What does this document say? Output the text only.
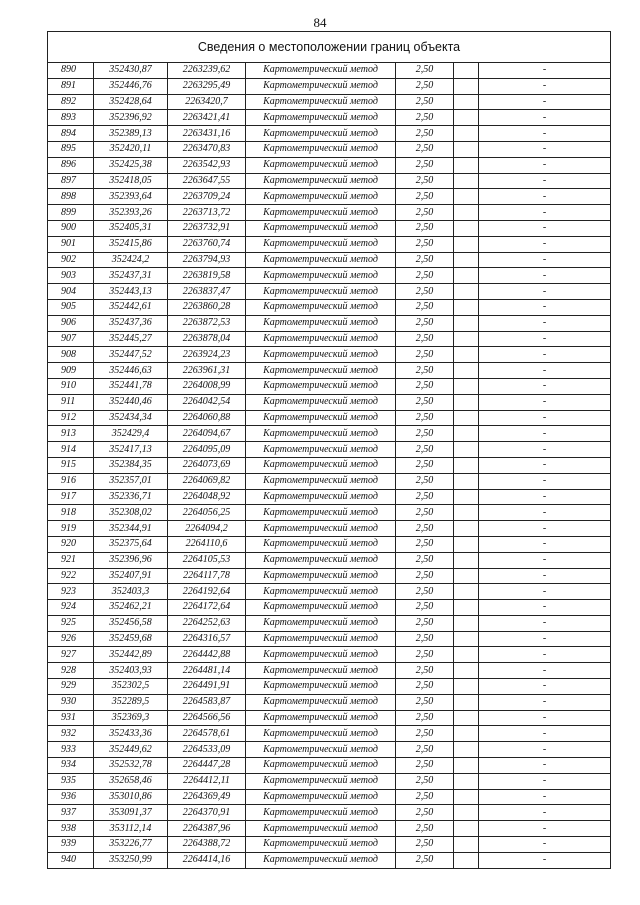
84
Сведения о местоположении границ объекта						
890	352430,87	2263239,62	Картометрический метод	2,50		-
891	352446,76	2263295,49	Картометрический метод	2,50		-
892	352428,64	2263420,7	Картометрический метод	2,50		-
893	352396,92	2263421,41	Картометрический метод	2,50		-
894	352389,13	2263431,16	Картометрический метод	2,50		-
895	352420,11	2263470,83	Картометрический метод	2,50		-
896	352425,38	2263542,93	Картометрический метод	2,50		-
897	352418,05	2263647,55	Картометрический метод	2,50		-
898	352393,64	2263709,24	Картометрический метод	2,50		-
899	352393,26	2263713,72	Картометрический метод	2,50		-
900	352405,31	2263732,91	Картометрический метод	2,50		-
901	352415,86	2263760,74	Картометрический метод	2,50		-
902	352424,2	2263794,93	Картометрический метод	2,50		-
903	352437,31	2263819,58	Картометрический метод	2,50		-
904	352443,13	2263837,47	Картометрический метод	2,50		-
905	352442,61	2263860,28	Картометрический метод	2,50		-
906	352437,36	2263872,53	Картометрический метод	2,50		-
907	352445,27	2263878,04	Картометрический метод	2,50		-
908	352447,52	2263924,23	Картометрический метод	2,50		-
909	352446,63	2263961,31	Картометрический метод	2,50		-
910	352441,78	2264008,99	Картометрический метод	2,50		-
911	352440,46	2264042,54	Картометрический метод	2,50		-
912	352434,34	2264060,88	Картометрический метод	2,50		-
913	352429,4	2264094,67	Картометрический метод	2,50		-
914	352417,13	2264095,09	Картометрический метод	2,50		-
915	352384,35	2264073,69	Картометрический метод	2,50		-
916	352357,01	2264069,82	Картометрический метод	2,50		-
917	352336,71	2264048,92	Картометрический метод	2,50		-
918	352308,02	2264056,25	Картометрический метод	2,50		-
919	352344,91	2264094,2	Картометрический метод	2,50		-
920	352375,64	2264110,6	Картометрический метод	2,50		-
921	352396,96	2264105,53	Картометрический метод	2,50		-
922	352407,91	2264117,78	Картометрический метод	2,50		-
923	352403,3	2264192,64	Картометрический метод	2,50		-
924	352462,21	2264172,64	Картометрический метод	2,50		-
925	352456,58	2264252,63	Картометрический метод	2,50		-
926	352459,68	2264316,57	Картометрический метод	2,50		-
927	352442,89	2264442,88	Картометрический метод	2,50		-
928	352403,93	2264481,14	Картометрический метод	2,50		-
929	352302,5	2264491,91	Картометрический метод	2,50		-
930	352289,5	2264583,87	Картометрический метод	2,50		-
931	352369,3	2264566,56	Картометрический метод	2,50		-
932	352433,36	2264578,61	Картометрический метод	2,50		-
933	352449,62	2264533,09	Картометрический метод	2,50		-
934	352532,78	2264447,28	Картометрический метод	2,50		-
935	352658,46	2264412,11	Картометрический метод	2,50		-
936	353010,86	2264369,49	Картометрический метод	2,50		-
937	353091,37	2264370,91	Картометрический метод	2,50		-
938	353112,14	2264387,96	Картометрический метод	2,50		-
939	353226,77	2264388,72	Картометрический метод	2,50		-
940	353250,99	2264414,16	Картометрический метод	2,50		-
